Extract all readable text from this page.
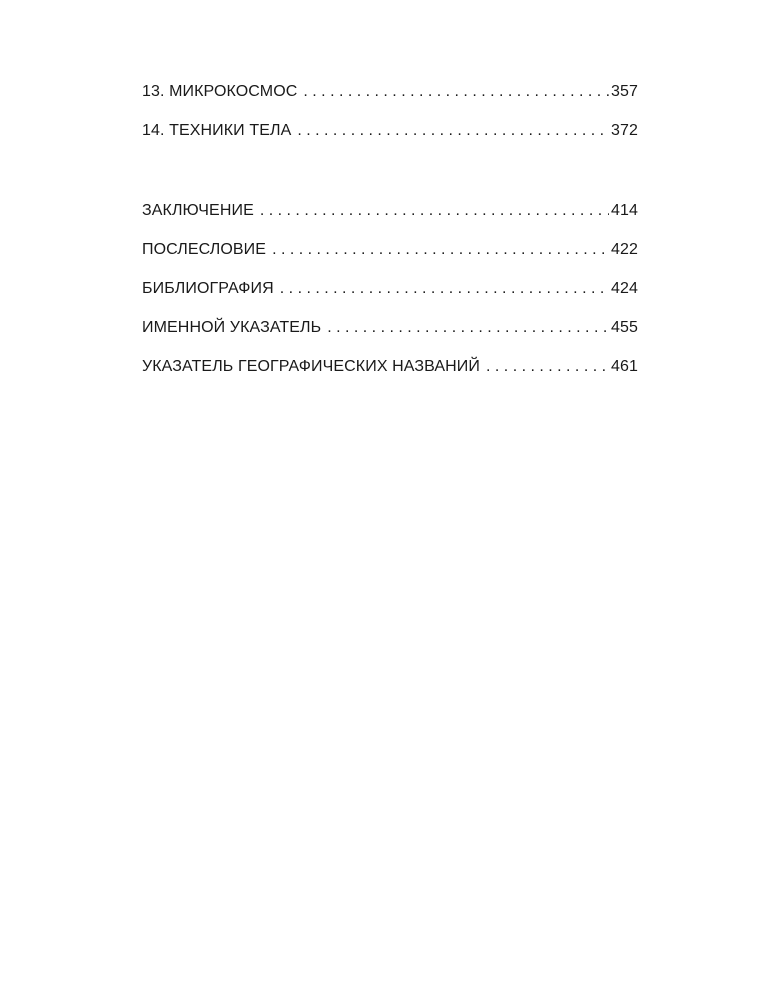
13. МИКРОКОСМОС . . .	357
14. ТЕХНИКИ ТЕЛА . . .	372
ЗАКЛЮЧЕНИЕ . . .	414
ПОСЛЕСЛОВИЕ . . .	422
БИБЛИОГРАФИЯ . . .	424
ИМЕННОЙ УКАЗАТЕЛЬ . . .	455
УКАЗАТЕЛЬ ГЕОГРАФИЧЕСКИХ НАЗВАНИЙ . . .	461
